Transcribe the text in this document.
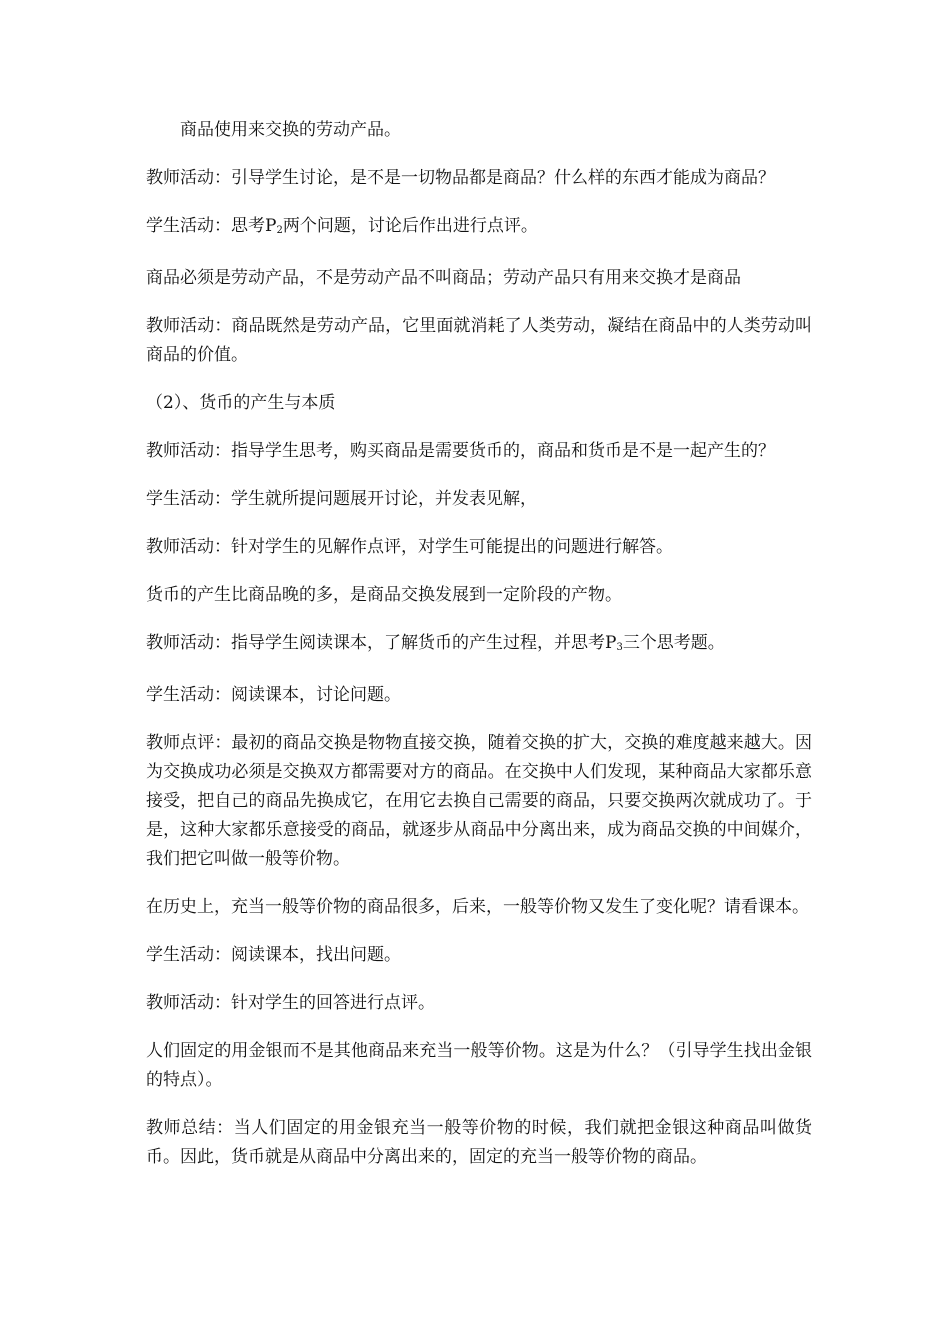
商品使用来交换的劳动产品。

教师活动：引导学生讨论，是不是一切物品都是商品？什么样的东西才能成为商品？

学生活动：思考$P_2$两个问题，讨论后作出进行点评。

商品必须是劳动产品，不是劳动产品不叫商品；劳动产品只有用来交换才是商品

教师活动：商品既然是劳动产品，它里面就消耗了人类劳动，凝结在商品中的人类劳动叫商品的价值。

（2）、货币的产生与本质

教师活动：指导学生思考，购买商品是需要货币的，商品和货币是不是一起产生的？

学生活动：学生就所提问题展开讨论，并发表见解，

教师活动：针对学生的见解作点评，对学生可能提出的问题进行解答。

货币的产生比商品晚的多，是商品交换发展到一定阶段的产物。

教师活动：指导学生阅读课本，了解货币的产生过程，并思考$P_3$三个思考题。

学生活动：阅读课本，讨论问题。

教师点评：最初的商品交换是物物直接交换，随着交换的扩大，交换的难度越来越大。因为交换成功必须是交换双方都需要对方的商品。在交换中人们发现，某种商品大家都乐意接受，把自己的商品先换成它，在用它去换自己需要的商品，只要交换两次就成功了。于是，这种大家都乐意接受的商品，就逐步从商品中分离出来，成为商品交换的中间媒介，我们把它叫做一般等价物。

在历史上，充当一般等价物的商品很多，后来，一般等价物又发生了变化呢？请看课本。

学生活动：阅读课本，找出问题。

教师活动：针对学生的回答进行点评。

人们固定的用金银而不是其他商品来充当一般等价物。这是为什么？（引导学生找出金银的特点）。

教师总结：当人们固定的用金银充当一般等价物的时候，我们就把金银这种商品叫做货币。因此，货币就是从商品中分离出来的，固定的充当一般等价物的商品。
